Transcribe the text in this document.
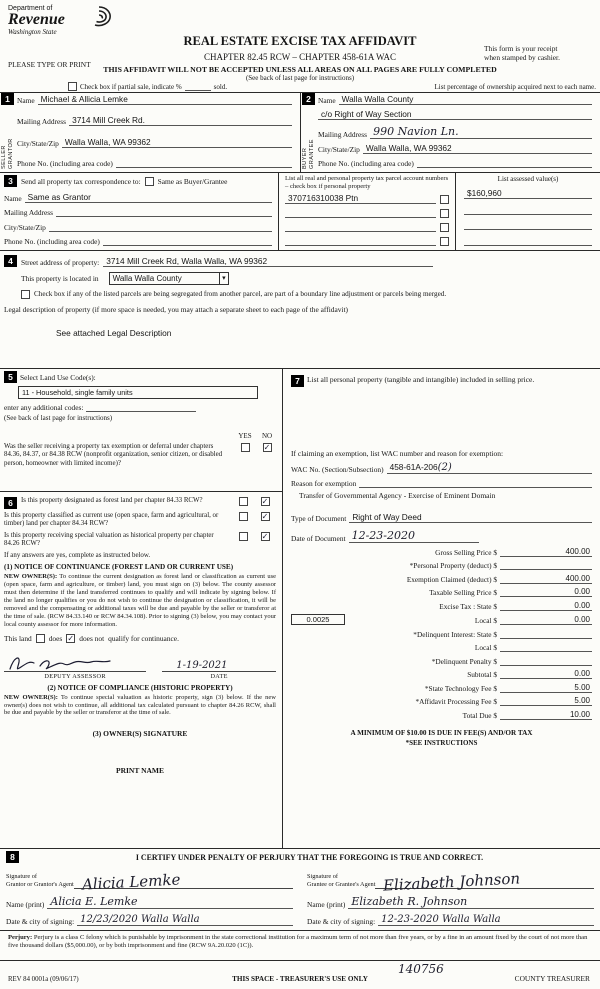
Department of
Revenue
Washington State
REAL ESTATE EXCISE TAX AFFIDAVIT
CHAPTER 82.45 RCW – CHAPTER 458-61A WAC
This form is your receipt
when stamped by cashier.
PLEASE TYPE OR PRINT
THIS AFFIDAVIT WILL NOT BE ACCEPTED UNLESS ALL AREAS ON ALL PAGES ARE FULLY COMPLETED
(See back of last page for instructions)
Check box if partial sale, indicate %	sold.	List percentage of ownership acquired next to each name.
1
SELLER GRANTOR
Name Michael & Allicia Lemke
Mailing Address 3714 Mill Creek Rd.
City/State/Zip Walla Walla, WA 99362
Phone No. (including area code)
2
BUYER GRANTEE
Name Walla Walla County
c/o Right of Way Section
Mailing Address 990 Navion Ln.
City/State/Zip Walla Walla, WA 99362
Phone No. (including area code)
3	Send all property tax correspondence to: Same as Buyer/Grantee
Name Same as Grantor
Mailing Address
City/State/Zip
Phone No. (including area code)
List all real and personal property tax parcel account numbers – check box if personal property
370716310038 Ptn
List assessed value(s)
$160,960
4	Street address of property: 3714 Mill Creek Rd, Walla Walla, WA 99362
This property is located in Walla Walla County	▾
Check box if any of the listed parcels are being segregated from another parcel, are part of a boundary line adjustment or parcels being merged.
Legal description of property (if more space is needed, you may attach a separate sheet to each page of the affidavit)
See attached Legal Description
5 Select Land Use Code(s):
11 - Household, single family units
enter any additional codes:
(See back of last page for instructions)
YES	NO
Was the seller receiving a property tax exemption or deferral under chapters 84.36, 84.37, or 84.38 RCW (nonprofit organization, senior citizen, or disabled person, homeowner with limited income)?
✓
6	Is this property designated as forest land per chapter 84.33 RCW?	✓
Is this property classified as current use (open space, farm and agricultural, or timber) land per chapter 84.34 RCW?
✓
Is this property receiving special valuation as historical property per chapter 84.26 RCW?
✓
If any answers are yes, complete as instructed below.
(1) NOTICE OF CONTINUANCE (FOREST LAND OR CURRENT USE)
NEW OWNER(S): To continue the current designation as forest land or classification as current use (open space, farm and agriculture, or timber) land, you must sign on (3) below. The county assessor must then determine if the land transferred continues to qualify and will indicate by signing below. If the land no longer qualifies or you do not wish to continue the designation or classification, it will be removed and the compensating or additional taxes will be due and payable by the seller or transferor at the time of sale. (RCW 84.33.140 or RCW 84.34.108). Prior to signing (3) below, you may contact your local county assessor for more information.
This land does ✓ does not qualify for continuance.
DEPUTY ASSESSOR
1-19-2021
DATE
(2) NOTICE OF COMPLIANCE (HISTORIC PROPERTY)
NEW OWNER(S): To continue special valuation as historic property, sign (3) below. If the new owner(s) does not wish to continue, all additional tax calculated pursuant to chapter 84.26 RCW, shall be due and payable by the seller or transferor at the time of sale.
(3) OWNER(S) SIGNATURE
PRINT NAME
7 List all personal property (tangible and intangible) included in selling price.
If claiming an exemption, list WAC number and reason for exemption:
WAC No. (Section/Subsection) 458-61A-206(2)
Reason for exemption
Transfer of Governmental Agency - Exercise of Eminent Domain
Type of Document Right of Way Deed
Date of Document 12-23-2020
Gross Selling Price $	400.00
*Personal Property (deduct) $
Exemption Claimed (deduct) $	400.00
Taxable Selling Price $	0.00
Excise Tax : State $	0.00
0.0025	Local $	0.00
*Delinquent Interest: State $
Local $
*Delinquent Penalty $
Subtotal $	0.00
*State Technology Fee $	5.00
*Affidavit Processing Fee $	5.00
Total Due $	10.00
A MINIMUM OF $10.00 IS DUE IN FEE(S) AND/OR TAX
*SEE INSTRUCTIONS
8	I CERTIFY UNDER PENALTY OF PERJURY THAT THE FOREGOING IS TRUE AND CORRECT.
Signature of
Grantor or Grantor's Agent Alicia Lemke
Name (print) Alicia E. Lemke
Date & city of signing: 12/23/2020 Walla Walla
Signature of
Grantee or Grantee's Agent Elizabeth Johnson
Name (print) Elizabeth R. Johnson
Date & city of signing: 12-23-2020 Walla Walla
Perjury: Perjury is a class C felony which is punishable by imprisonment in the state correctional institution for a maximum term of not more than five years, or by a fine in an amount fixed by the court of not more than five thousand dollars ($5,000.00), or by both imprisonment and fine (RCW 9A.20.020 (1C)).
REV 84 0001a (09/06/17)	THIS SPACE - TREASURER'S USE ONLY	COUNTY TREASURER
140756
